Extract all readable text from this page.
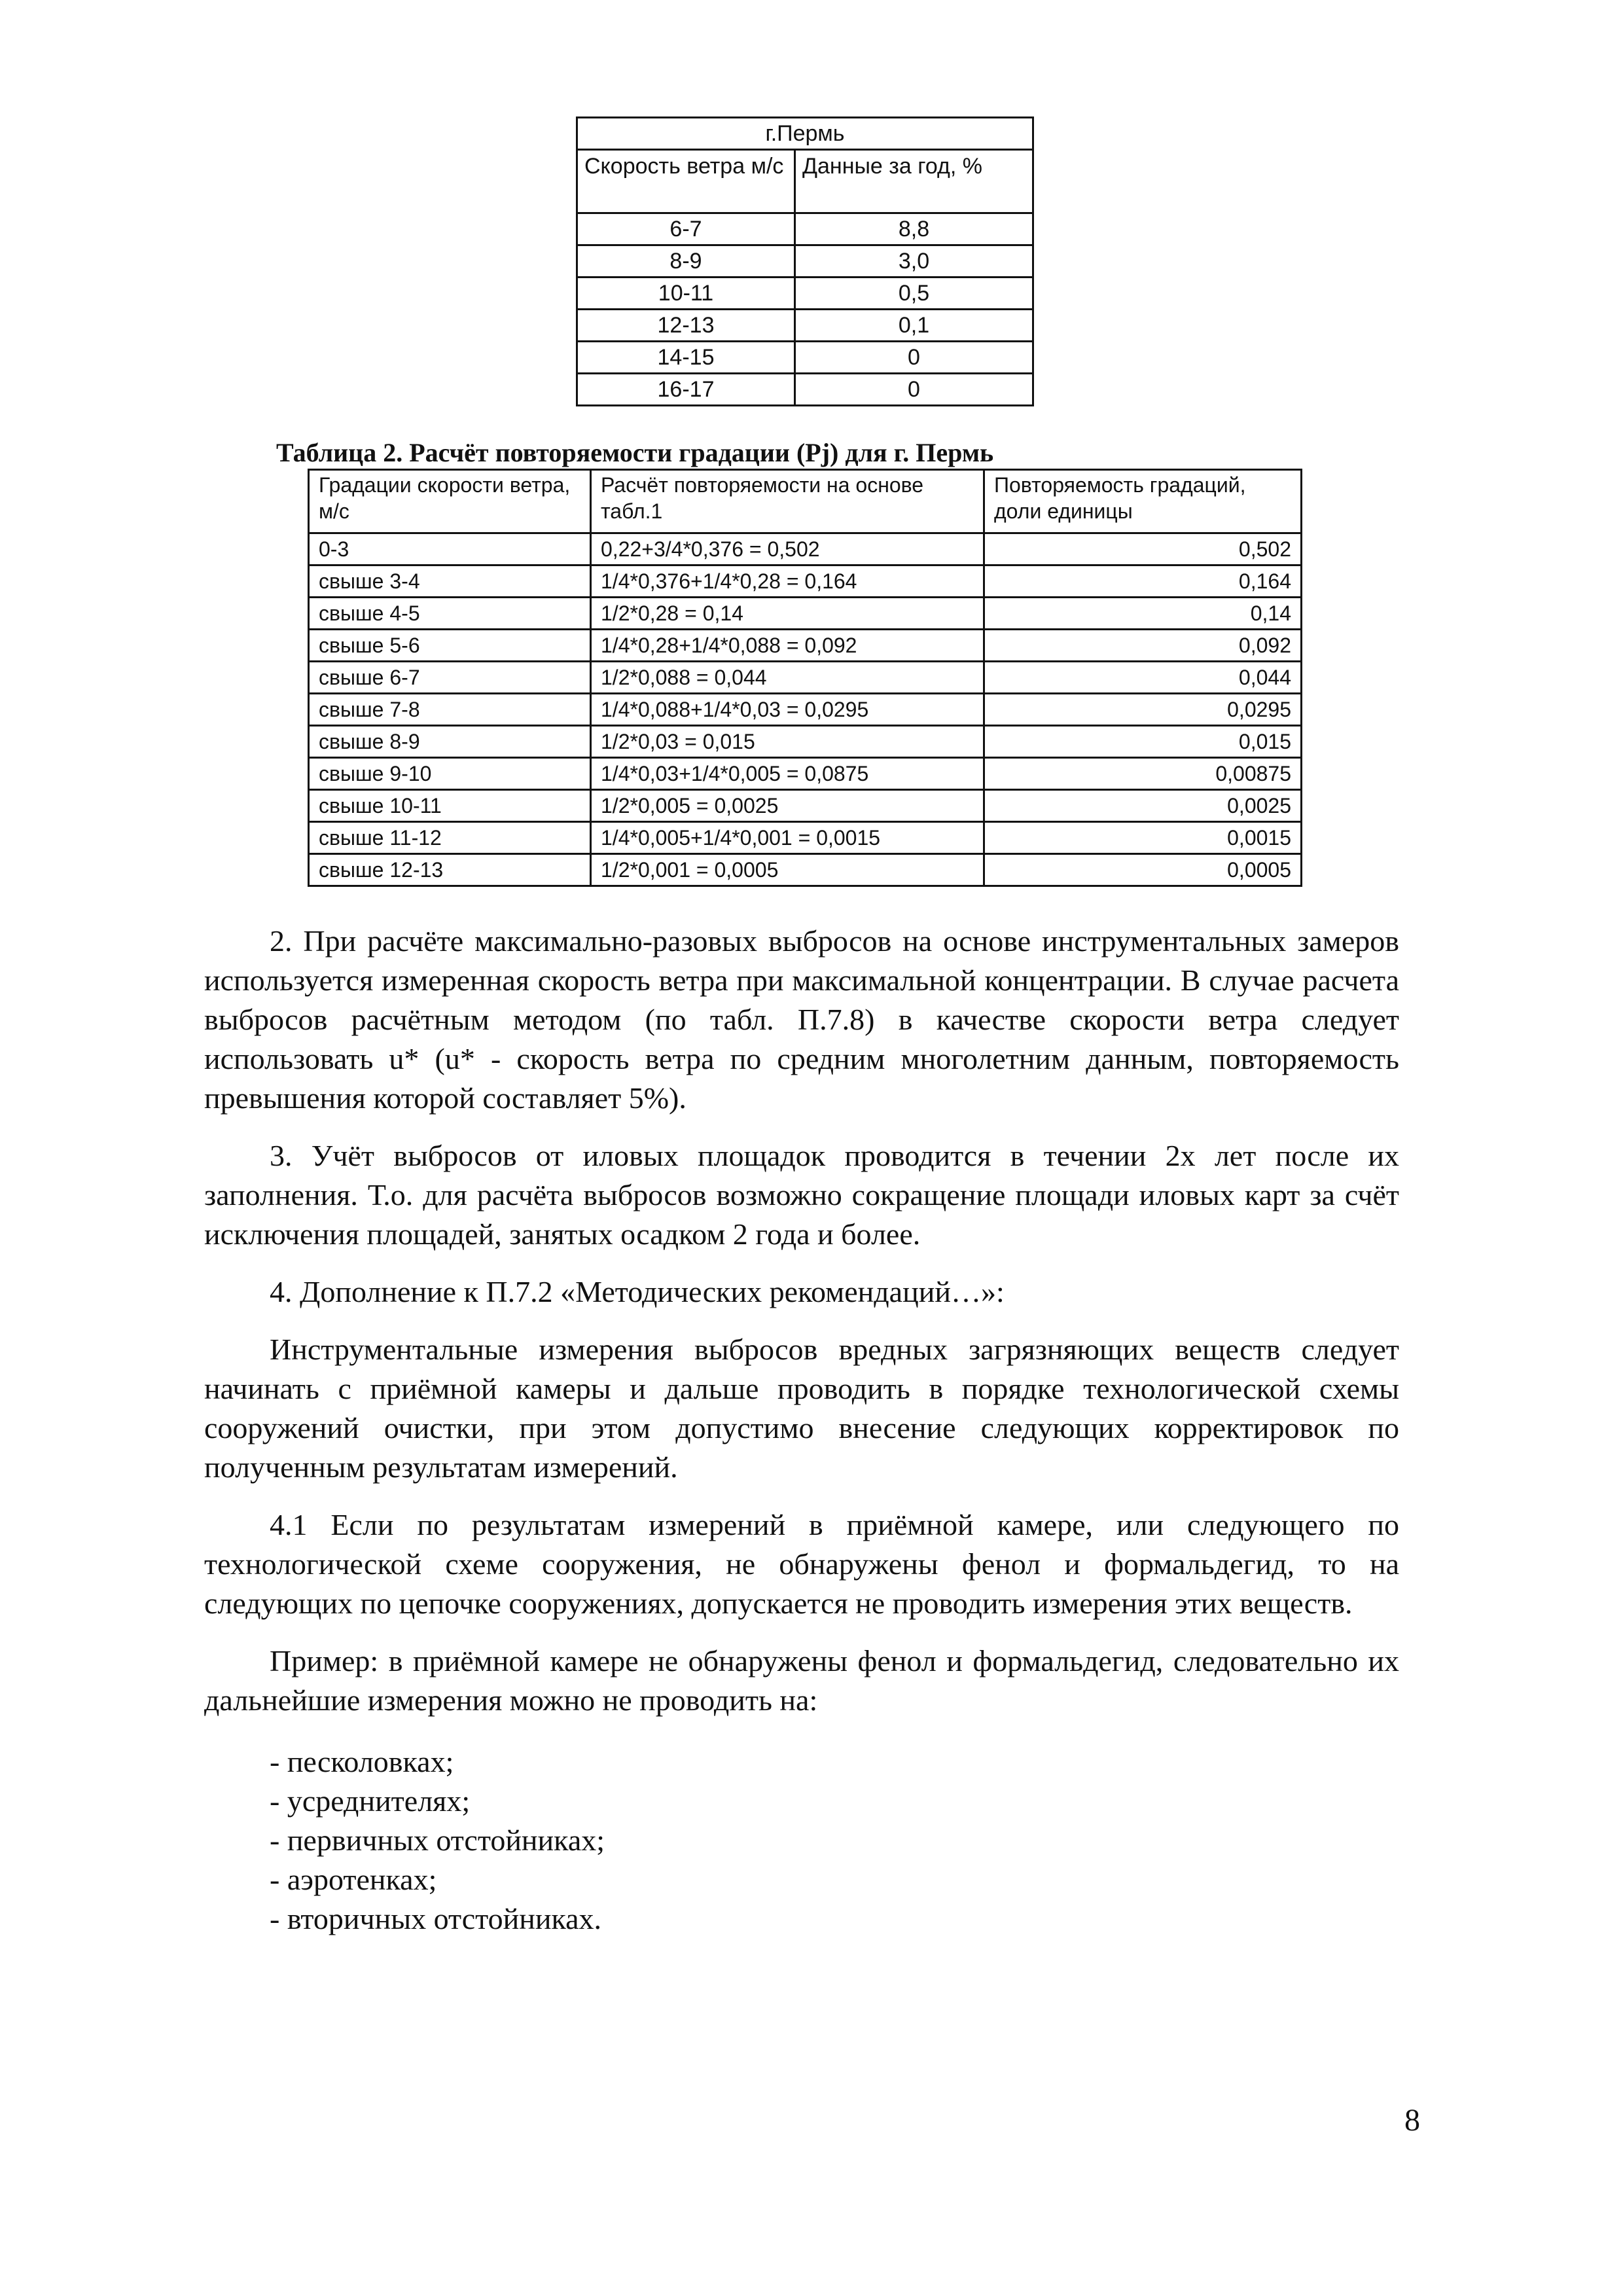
г.Пермь	
Скорость ветра м/с	Данные за год, %
6-7	8,8
8-9	3,0
10-11	0,5
12-13	0,1
14-15	0
16-17	0
Таблица 2. Расчёт повторяемости градации (Pj) для г. Пермь
Градации скорости ветра, м/с	Расчёт повторяемости на основе табл.1	Повторяемость градаций, доли единицы
0-3	0,22+3/4*0,376 = 0,502	0,502
свыше 3-4	1/4*0,376+1/4*0,28 = 0,164	0,164
свыше 4-5	1/2*0,28 = 0,14	0,14
свыше 5-6	1/4*0,28+1/4*0,088 = 0,092	0,092
свыше 6-7	1/2*0,088 = 0,044	0,044
свыше 7-8	1/4*0,088+1/4*0,03 = 0,0295	0,0295
свыше 8-9	1/2*0,03 = 0,015	0,015
свыше 9-10	1/4*0,03+1/4*0,005 = 0,0875	0,00875
свыше 10-11	1/2*0,005 = 0,0025	0,0025
свыше 11-12	1/4*0,005+1/4*0,001 = 0,0015	0,0015
свыше 12-13	1/2*0,001 = 0,0005	0,0005

2. При расчёте максимально-разовых выбросов на основе инструментальных замеров используется измеренная скорость ветра при максимальной концентрации. В случае расчета выбросов расчётным методом (по табл. П.7.8) в качестве скорости ветра следует использовать u* (u* - скорость ветра по средним многолетним данным, повторяемость превышения которой составляет 5%).

3. Учёт выбросов от иловых площадок проводится в течении 2х лет после их заполнения. Т.о. для расчёта выбросов возможно сокращение площади иловых карт за счёт исключения площадей, занятых осадком 2 года и более.

4. Дополнение к П.7.2 «Методических рекомендаций…»:

Инструментальные измерения выбросов вредных загрязняющих веществ следует начинать с приёмной камеры и дальше проводить в порядке технологической схемы сооружений очистки, при этом допустимо внесение следующих корректировок по полученным результатам измерений.

4.1 Если по результатам измерений в приёмной камере, или следующего по технологической схеме сооружения, не обнаружены фенол и формальдегид, то на следующих по цепочке сооружениях, допускается не проводить измерения этих веществ.

Пример: в приёмной камере не обнаружены фенол и формальдегид, следовательно их дальнейшие измерения можно не проводить на:

- песколовках;
- усреднителях;
- первичных отстойниках;
- аэротенках;
- вторичных отстойниках.
8
